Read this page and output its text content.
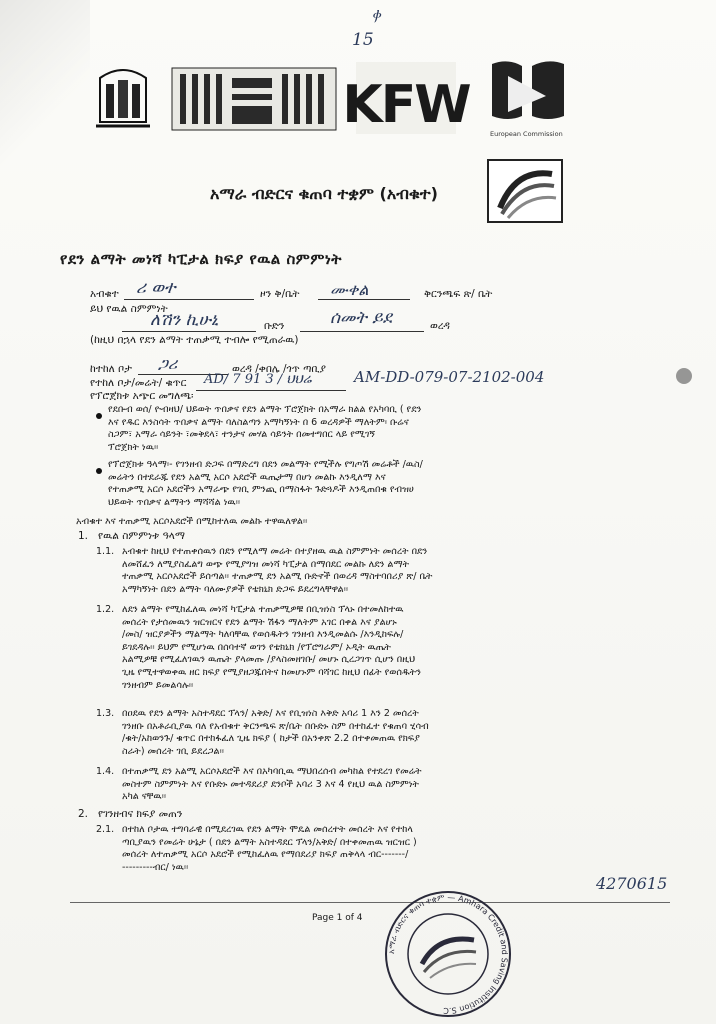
ⲫ
15
KFW	European Commission
አማራ ብድርና ቁጠባ ተቋም (አብቁተ)
የደን ልማት መነሻ ካፒታል ክፍያ የዉል ስምምነት
አብቁተ ሪ ወተ	ዞን ቅ/ቤት ሙቀል	ቅርንጫፍ ጽ/ ቤት
ይህ የዉል ስምምነት
ለሽን ኪሁኒ	ቡድን	ሰመት ይደ	ወረዳ
(ከዚህ በኋላ የደን ልማት ተጠቃሚ ተብሎ የሚጠራዉ)
ከተከለ ቦታ ጋሪ	ወረዳ /ቀበሌ /ጎጥ ጣቢያ
የተከለ ቦታ/መሬት/ ቁጥር AD/ 7 91 3 / ህህሬ	AM-DD-079-07-2102-004
የፕሮጀክቱ አጭር መግለጫ፡
የደቡብ ወሰ/ ዮብዛህ/ ህይወት ጥበቃና የደን ልማት ፕሮጀክት በአማራ ክልል የአካባቢ ( የደን
እና የዱር እንስሳት ጥበቃና ልማት ባለስልጣን አማካኝነት በ 6 ወረዳዎች ማለትም፡ ቡሬና
ስጋም፣ አማራ ሳይንት ፣መቅደላ፣ ተንታና መሃል ሳይንት በመተግበር ላይ የሚገኝ
ፕሮጀክት ነዉ፡፡
የፕሮጀክቱ ዓላማ፡- የገንዘብ ድጋፍ በማድረግ በደን መልማት የሚችሉ የግጦሽ መሬቶች /ዉስ/
መሬትን በተደራጁ የደን አልሚ አርሶ አደሮች ዉጤታማ በሆነ መልኩ እንዲለማ እና
የተጠቃሚ አርሶ አደሮችን አማራጭ የገቢ ምንጪ በማስፋት ጉድጓዶች እንዲጠበቁ የብዝሀ
ህይወት ጥበቃና ልማትን ማሻሻል ነዉ፡፡
አብቁተ እና ተጠቃሚ አርሶአደሮች በሚከተለዉ መልኩ ተዋዉለዋል፡፡
1. የዉል ስምምነቱ ዓላማ
1.1. አብቁተ ከዚህ የተጠቀሰዉን በደን የሚለማ መሬት በተያዘዉ ዉል ስምምነት መሰረት በደን
ለመሸፈን ለሚያስፈልግ ወጭ የሚያግዝ መነሻ ካፒታል በማበደር መልኩ ለደን ልማት
ተጠቃሚ አርሶአደሮች ይሰጣል፡፡ ተጠቃሚ ደን አልሚ ቡድኖች በወረዳ ማስተባበሪያ ጽ/ ቤት
አማካኝነት በደን ልማት ባለሙያዎች የቴክኒክ ድጋፍ ይደረግላቸዋል፡፡
1.2. ለደን ልማት የሚከፈለዉ መነሻ ካፒታል ተጠቃሚዎቹ በቢዝነስ ፕላኑ በተመለከተዉ
መሰረት የታሰመዉን ዝርዝርና የደን ልማት ሽፋን ማለትም አገር በቀል እና ያልሆኑ
/መስ/ ዝርያዎችን ማልማት ካለባቸዉ የወሰዱትን ገንዘብ እንዲመልሱ /እንዲከፍሉ/
ይገደዳሉ፡፡ ይህም የሚሆነዉ በሰባተኛ ወገን የቴክኒክ /የፕሮግራም/ ኦዲት ዉጤት
አልሚዎቹ የሚፈለገዉን ዉጤት ያላመጡ /ያላስመዘገቡ/ መሆኑ ሲረጋገጥ ሲሆን በዚህ
ጊዜ የሚተዋወቀዉ ዘር ክፍያ የሚያዘጋጁበትና ከመሆኑም ባሻገር ከዚህ በፊት የወሰዱትን
ገንዘብም ይመልሳሉ፡፡
1.3. በዐደዉ የደን ልማት አስተዳደር ፕላን/ አቅድ/ እና የቢዝነስ እቅድ አባሪ 1 እን 2 መሰረት
ገንዘቡ በአቶራቢያዉ ባለ የአብቁተ ቅርንጫፍ ጽ/ቤት በቡድኑ ስም በተከፈተ የቁጠባ ሂሳብ
/ቁት/አከወንጉ/ ቁጥር በተከፋፈለ ጊዜ ክፍያ ( ከታች በአንቀጽ 2.2 በተቀመጠዉ የክፍያ
ስራት) መሰረት ገቢ ይደረጋል፡፡
1.4. በተጠቃሚ ደን አልሚ አርሶአደሮች እና በአካባቢዉ ማህበረሰብ መካከል የተደረገ የመሬት
መስተም ስምምነት እና የቡድኑ መተዳደሪያ ደንቦች አባሪ 3 እና 4 የዚህ ዉል ስምምነት
አካል ናቸዉ፡፡
2. የገንዘብና ክፍያ መጠን
2.1. በተከለ ቦታዉ ተግባራዊ በሚደረገዉ የደን ልማት ሞዴል መሰረተት መሰረት እና የተከላ
ጣቢያዉን የመሬት ሁኔታ ( በደን ልማት አስተዳደር ፕላን/አቅድ/ በተቀመጠዉ ዝርዝር )
መሰረት ለተጠቃሚ አርሶ አደሮች የሚከፈለዉ የማበደሪያ ክፍያ ጠቅላላ ብር-------/
---------ብር/ ነዉ፡፡
4270615
Page 1 of 4
አማራ ብድርና ቁጠባ ተቋም — Amhara Credit and Saving Institution S.C
